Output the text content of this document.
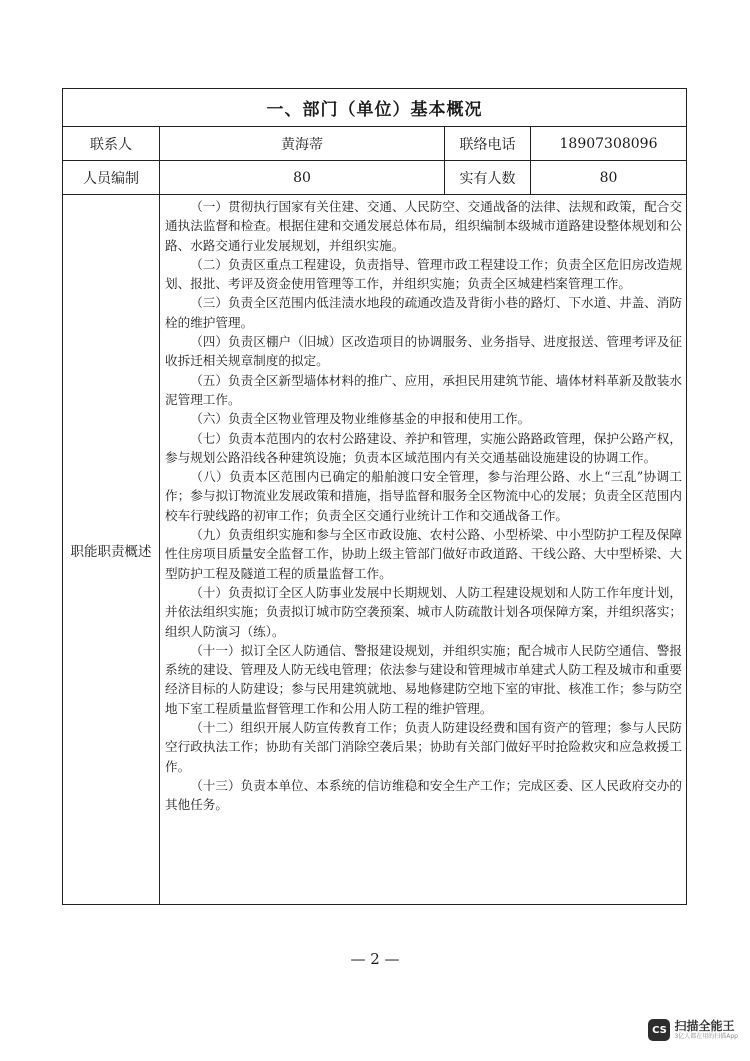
一、部门（单位）基本概况
联系人	黄海蒂	联络电话	18907308096
人员编制	80	实有人数	80
职能职责概述

（一）贯彻执行国家有关住建、交通、人民防空、交通战备的法律、法规和政策，配合交通执法监督和检查。根据住建和交通发展总体布局，组织编制本级城市道路建设整体规划和公路、水路交通行业发展规划，并组织实施。

（二）负责区重点工程建设，负责指导、管理市政工程建设工作；负责全区危旧房改造规划、报批、考评及资金使用管理等工作，并组织实施；负责全区城建档案管理工作。

（三）负责全区范围内低洼渍水地段的疏通改造及背街小巷的路灯、下水道、井盖、消防栓的维护管理。

（四）负责区棚户（旧城）区改造项目的协调服务、业务指导、进度报送、管理考评及征收拆迁相关规章制度的拟定。

（五）负责全区新型墙体材料的推广、应用，承担民用建筑节能、墙体材料革新及散装水泥管理工作。

（六）负责全区物业管理及物业维修基金的申报和使用工作。

（七）负责本范围内的农村公路建设、养护和管理，实施公路路政管理，保护公路产权，参与规划公路沿线各种建筑设施；负责本区域范围内有关交通基础设施建设的协调工作。

（八）负责本区范围内已确定的船舶渡口安全管理，参与治理公路、水上“三乱”协调工作；参与拟订物流业发展政策和措施，指导监督和服务全区物流中心的发展；负责全区范围内校车行驶线路的初审工作；负责全区交通行业统计工作和交通战备工作。

（九）负责组织实施和参与全区市政设施、农村公路、小型桥梁、中小型防护工程及保障性住房项目质量安全监督工作，协助上级主管部门做好市政道路、干线公路、大中型桥梁、大型防护工程及隧道工程的质量监督工作。

（十）负责拟订全区人防事业发展中长期规划、人防工程建设规划和人防工作年度计划，并依法组织实施；负责拟订城市防空袭预案、城市人防疏散计划各项保障方案，并组织落实；组织人防演习（练）。

（十一）拟订全区人防通信、警报建设规划，并组织实施；配合城市人民防空通信、警报系统的建设、管理及人防无线电管理；依法参与建设和管理城市单建式人防工程及城市和重要经济目标的人防建设；参与民用建筑就地、易地修建防空地下室的审批、核准工作；参与防空地下室工程质量监督管理工作和公用人防工程的维护管理。

（十二）组织开展人防宣传教育工作；负责人防建设经费和国有资产的管理；参与人民防空行政执法工作；协助有关部门消除空袭后果；协助有关部门做好平时抢险救灾和应急救援工作。

（十三）负责本单位、本系统的信访维稳和安全生产工作；完成区委、区人民政府交办的其他任务。

— 2 —
CS 扫描全能王
3亿人都在用的扫描App
